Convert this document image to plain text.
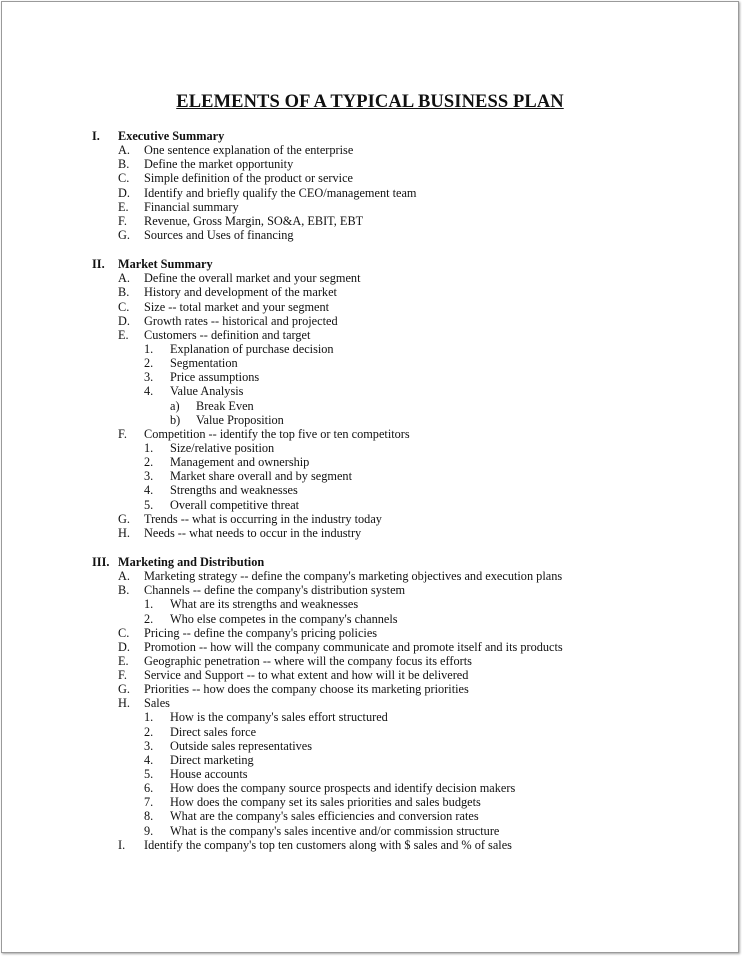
ELEMENTS OF A TYPICAL BUSINESS PLAN
I. Executive Summary
A. One sentence explanation of the enterprise
B. Define the market opportunity
C. Simple definition of the product or service
D. Identify and briefly qualify the CEO/management team
E. Financial summary
F. Revenue, Gross Margin, SO&A, EBIT, EBT
G. Sources and Uses of financing
II. Market Summary
A. Define the overall market and your segment
B. History and development of the market
C. Size -- total market and your segment
D. Growth rates -- historical and projected
E. Customers -- definition and target
1. Explanation of purchase decision
2. Segmentation
3. Price assumptions
4. Value Analysis
a) Break Even
b) Value Proposition
F. Competition -- identify the top five or ten competitors
1. Size/relative position
2. Management and ownership
3. Market share overall and by segment
4. Strengths and weaknesses
5. Overall competitive threat
G. Trends -- what is occurring in the industry today
H. Needs -- what needs to occur in the industry
III. Marketing and Distribution
A. Marketing strategy -- define the company's marketing objectives and execution plans
B. Channels -- define the company's distribution system
1. What are its strengths and weaknesses
2. Who else competes in the company's channels
C. Pricing -- define the company's pricing policies
D. Promotion -- how will the company communicate and promote itself and its products
E. Geographic penetration -- where will the company focus its efforts
F. Service and Support -- to what extent and how will it be delivered
G. Priorities -- how does the company choose its marketing priorities
H. Sales
1. How is the company's sales effort structured
2. Direct sales force
3. Outside sales representatives
4. Direct marketing
5. House accounts
6. How does the company source prospects and identify decision makers
7. How does the company set its sales priorities and sales budgets
8. What are the company's sales efficiencies and conversion rates
9. What is the company's sales incentive and/or commission structure
I. Identify the company's top ten customers along with $ sales and % of sales
